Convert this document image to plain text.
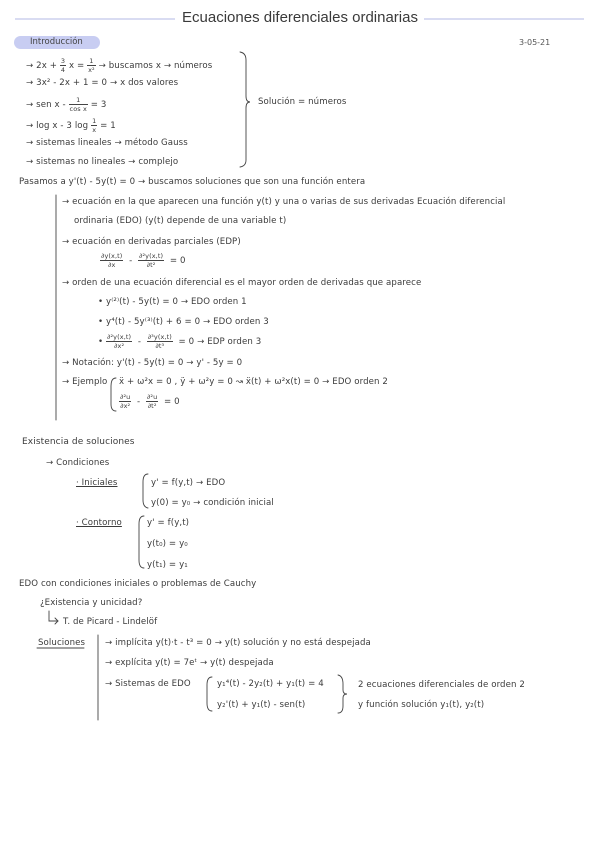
Ecuaciones diferenciales ordinarias
Introducción	3-05-21
→ $2x + \frac{3}{4}$ $x = \frac{1}{\text{x²}}$ → buscamos x → números
→ 3x² - 2x + 1 = 0 → x dos valores
→ sen $x - \frac{1}{\text{cos x}} = 3$
→ log x - 3 $\log \frac{1}{x} = 1$
→ sistemas lineales → método Gauss
→ sistemas no lineales → complejo
Solución = números
Pasamos a y'(t) - 5y(t) = 0 → buscamos soluciones que son una función entera
→ ecuación en la que aparecen una función y(t) y una o varias de sus derivadas Ecuación diferencial
ordinaria (EDO) (y(t) depende de una variable t)
→ ecuación en derivadas parciales (EDP)
$\frac{\partial y(x,t)}{\partial x} - \frac{\text{∂²y(x,t)}}{\text{∂t²}} = 0$
→ orden de una ecuación diferencial es el mayor orden de derivadas que aparece
• y⁽²⁾(t) - 5y(t) = 0 → EDO orden 1
• y⁴(t) - 5y⁽³⁾(t) + 6 = 0 → EDO orden 3
• $\frac{\text{∂²y(x,t)}}{\text{∂x²}} - \frac{\text{∂³y(x,t)}}{\text{∂t³}} = 0$ → EDP orden 3
→ Notación: y'(t) - 5y(t) = 0 → y' - 5y = 0
→ Ejemplo ẍ + ω²x = 0 , ÿ + ω²y = 0 ↝ ẍ(t) + ω²x(t) = 0 → EDO orden 2
$\frac{\text{∂²u}}{\text{∂x²}} - \frac{\text{∂²u}}{\text{∂t²}} = 0$
Existencia de soluciones
→ Condiciones
· Iniciales	y' = f(y,t) → EDO
y(0) = y₀ → condición inicial
· Contorno	y' = f(y,t)
y(t₀) = y₀
y(t₁) = y₁
EDO con condiciones iniciales o problemas de Cauchy
¿Existencia y unicidad?
T. de Picard - Lindelöf
Soluciones → implícita y(t)·t - t³ = 0 → y(t) solución y no está despejada
→ explícita y(t) = 7eᵗ → y(t) despejada
→ Sistemas de EDO	y₁⁴(t) - 2y₂(t) + y₁(t) = 4
y₂'(t) + y₁(t) - sen(t)
2 ecuaciones diferenciales de orden 2
y función solución y₁(t), y₂(t)
